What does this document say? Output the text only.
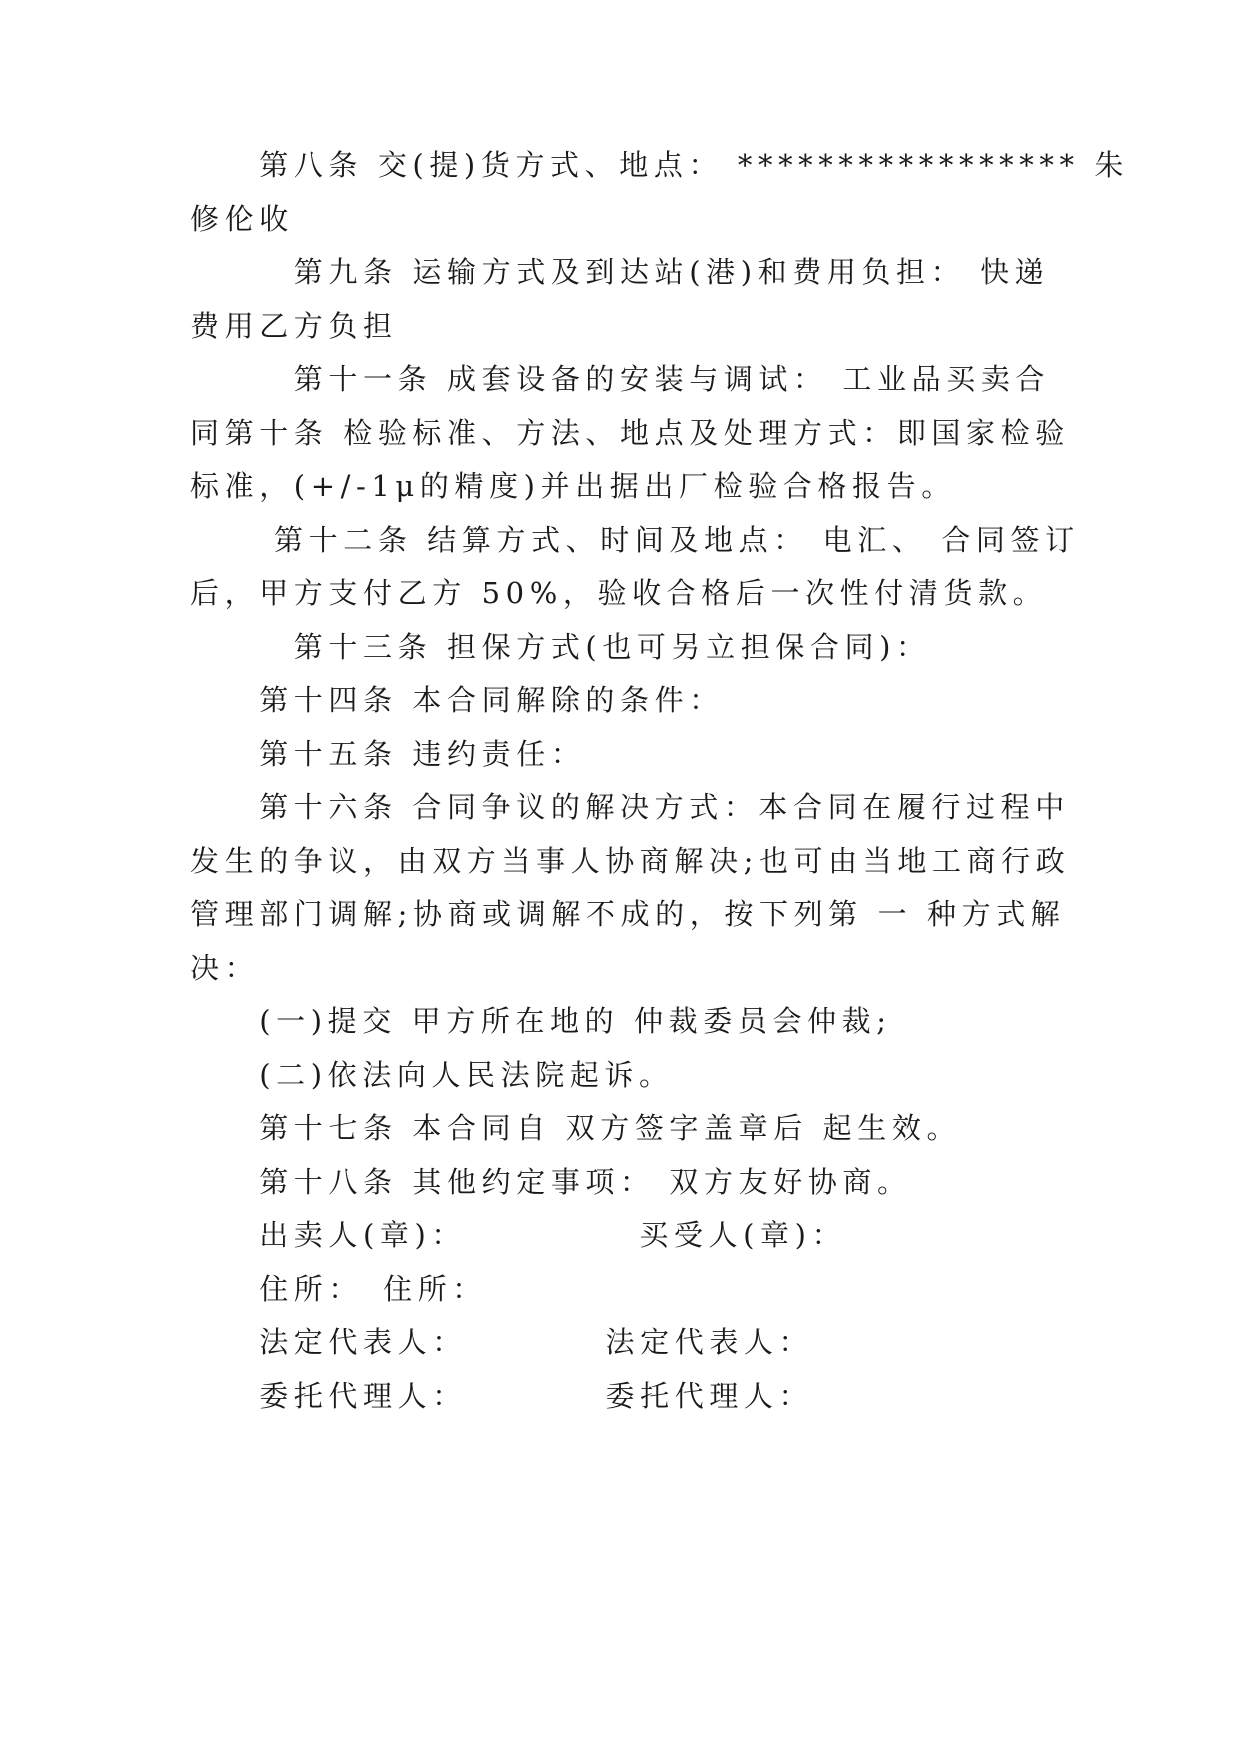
　　第八条 交(提)货方式、地点： ***************** 朱

修伦收

　　　第九条 运输方式及到达站(港)和费用负担： 快递

费用乙方负担

　　　第十一条 成套设备的安装与调试： 工业品买卖合

同第十条 检验标准、方法、地点及处理方式：即国家检验

标准，(+/-1μ的精度)并出据出厂检验合格报告。

　　 第十二条 结算方式、时间及地点： 电汇、 合同签订

后，甲方支付乙方 50%，验收合格后一次性付清货款。

　　　第十三条 担保方式(也可另立担保合同)：

　　第十四条 本合同解除的条件：

　　第十五条 违约责任：

　　第十六条 合同争议的解决方式：本合同在履行过程中

发生的争议，由双方当事人协商解决;也可由当地工商行政

管理部门调解;协商或调解不成的，按下列第 一 种方式解

决：

　　(一)提交 甲方所在地的 仲裁委员会仲裁;

　　(二)依法向人民法院起诉。

　　第十七条 本合同自 双方签字盖章后 起生效。

　　第十八条 其他约定事项： 双方友好协商。

　　出卖人(章)：　　　　　 买受人(章)：

　　住所：　住所：

　　法定代表人：　　　　 法定代表人：

　　委托代理人：　　　　 委托代理人：
